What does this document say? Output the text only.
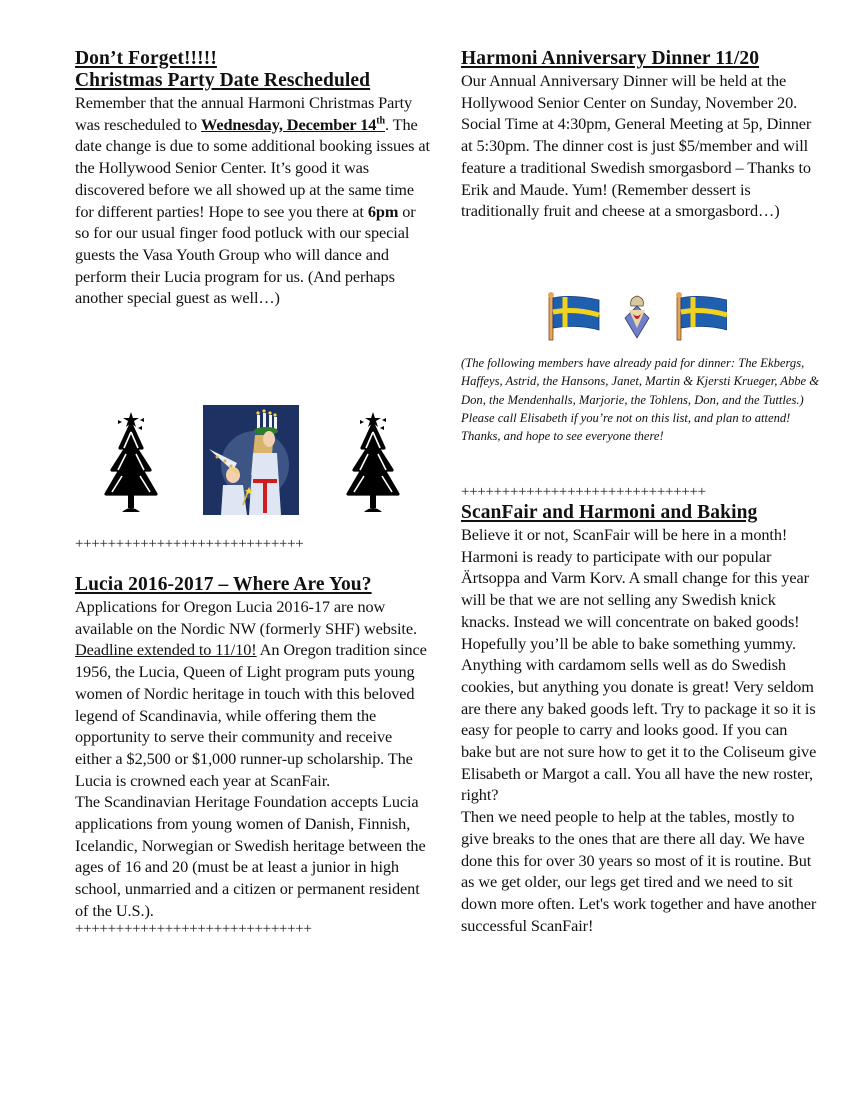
Don’t Forget!!!!!
Christmas Party Date Rescheduled
Remember that the annual Harmoni Christmas Party was rescheduled to Wednesday, December 14th. The date change is due to some additional booking issues at the Hollywood Senior Center. It’s good it was discovered before we all showed up at the same time for different parties! Hope to see you there at 6pm or so for our usual finger food potluck with our special guests the Vasa Youth Group who will dance and perform their Lucia program for us. (And perhaps another special guest as well…)
++++++++++++++++++++++++++++
Lucia 2016-2017 – Where Are You?
Applications for Oregon Lucia 2016-17 are now available on the Nordic NW (formerly SHF) website. Deadline extended to 11/10! An Oregon tradition since 1956, the Lucia, Queen of Light program puts young women of Nordic heritage in touch with this beloved legend of Scandinavia, while offering them the opportunity to serve their community and receive either a $2,500 or $1,000 runner-up scholarship. The Lucia is crowned each year at ScanFair.
The Scandinavian Heritage Foundation accepts Lucia applications from young women of Danish, Finnish, Icelandic, Norwegian or Swedish heritage between the ages of 16 and 20 (must be at least a junior in high school, unmarried and a citizen or permanent resident of the U.S.).
+++++++++++++++++++++++++++++
Harmoni Anniversary Dinner 11/20
Our Annual Anniversary Dinner will be held at the Hollywood Senior Center on Sunday, November 20. Social Time at 4:30pm, General Meeting at 5p, Dinner at 5:30pm. The dinner cost is just $5/member and will feature a traditional Swedish smorgasbord – Thanks to Erik and Maude. Yum! (Remember dessert is traditionally fruit and cheese at a smorgasbord…)
(The following members have already paid for dinner: The Ekbergs, Haffeys, Astrid, the Hansons, Janet, Martin & Kjersti Krueger, Abbe & Don, the Mendenhalls, Marjorie, the Tohlens, Don, and the Tuttles.) Please call Elisabeth if you’re not on this list, and plan to attend! Thanks, and hope to see everyone there!
++++++++++++++++++++++++++++++
ScanFair and Harmoni and Baking
Believe it or not, ScanFair will be here in a month! Harmoni is ready to participate with our popular Ärtsoppa and Varm Korv. A small change for this year will be that we are not selling any Swedish knick knacks. Instead we will concentrate on baked goods! Hopefully you’ll be able to bake something yummy. Anything with cardamom sells well as do Swedish cookies, but anything you donate is great! Very seldom are there any baked goods left. Try to package it so it is easy for people to carry and looks good. If you can bake but are not sure how to get it to the Coliseum give Elisabeth or Margot a call. You all have the new roster, right?
Then we need people to help at the tables, mostly to give breaks to the ones that are there all day. We have done this for over 30 years so most of it is routine. But as we get older, our legs get tired and we need to sit down more often. Let's work together and have another successful ScanFair!
